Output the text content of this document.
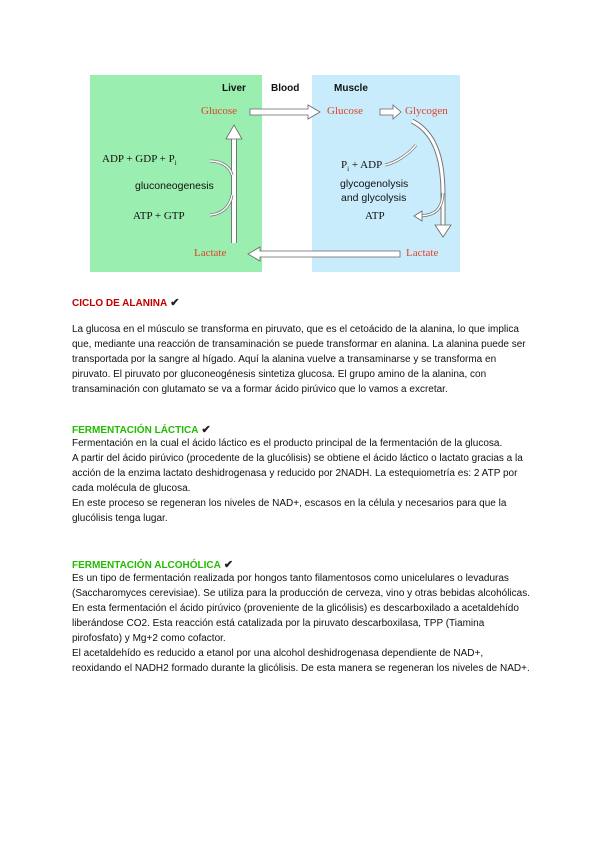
Liver	Blood	Muscle
Glucose
ADP + GDP + $P_i$
gluconeogenesis
ATP + GTP
Lactate
Glucose	Glycogen
$P_i$ + ADP
glycogenolysis
and glycolysis
ATP
Lactate
CICLO DE ALANINA ✔

La glucosa en el músculo se transforma en piruvato, que es el cetoácido de la alanina, lo que implica que, mediante una reacción de transaminación se puede transformar en alanina. La alanina puede ser transportada por la sangre al hígado. Aquí la alanina vuelve a transaminarse y se transforma en piruvato. El piruvato por gluconeogénesis sintetiza glucosa. El grupo amino de la alanina, con transaminación con glutamato se va a formar ácido pirúvico que lo vamos a excretar.

FERMENTACIÓN LÁCTICA ✔

Fermentación en la cual el ácido láctico es el producto principal de la fermentación de la glucosa.

A partir del ácido pirúvico (procedente de la glucólisis) se obtiene el ácido láctico o lactato gracias a la acción de la enzima lactato deshidrogenasa y reducido por 2NADH. La estequiometría es: 2 ATP por cada molécula de glucosa.

En este proceso se regeneran los niveles de NAD+, escasos en la célula y necesarios para que la glucólisis tenga lugar.

FERMENTACIÓN ALCOHÓLICA ✔

Es un tipo de fermentación realizada por hongos tanto filamentosos como unicelulares o levaduras (Saccharomyces cerevisiae). Se utiliza para la producción de cerveza, vino y otras bebidas alcohólicas.

En esta fermentación el ácido pirúvico (proveniente de la glicólisis) es descarboxilado a acetaldehído liberándose CO2. Esta reacción está catalizada por la piruvato descarboxilasa, TPP (Tiamina pirofosfato) y Mg+2 como cofactor.

El acetaldehído es reducido a etanol por una alcohol deshidrogenasa dependiente de NAD+, reoxidando el NADH2 formado durante la glicólisis. De esta manera se regeneran los niveles de NAD+.
